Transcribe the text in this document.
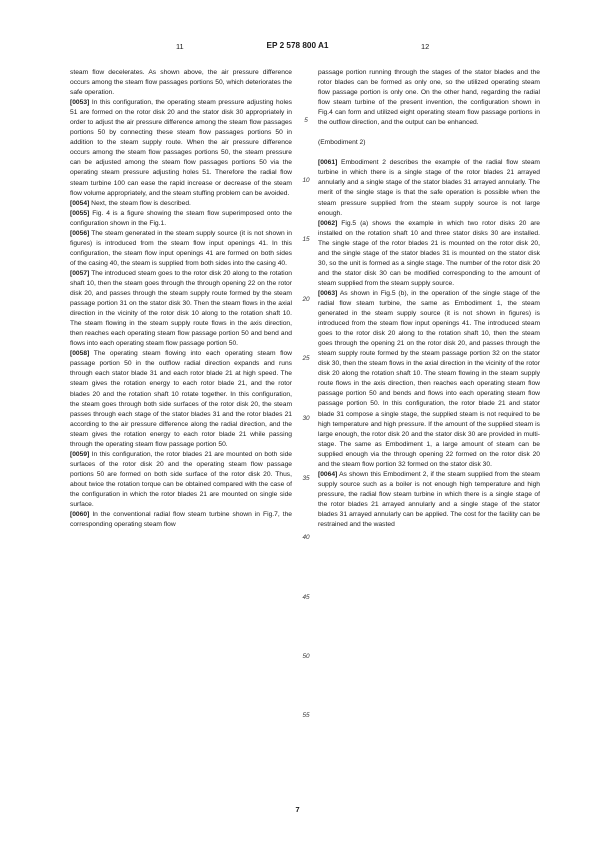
11	EP 2 578 800 A1	12

steam flow decelerates. As shown above, the air pressure difference occurs among the steam flow passages portions 50, which deteriorates the safe operation.

[0053] In this configuration, the operating steam pressure adjusting holes 51 are formed on the rotor disk 20 and the stator disk 30 appropriately in order to adjust the air pressure difference among the steam flow passages portions 50 by connecting these steam flow passages portions 50 in addition to the steam supply route. When the air pressure difference occurs among the steam flow passages portions 50, the steam pressure can be adjusted among the steam flow passages portions 50 via the operating steam pressure adjusting holes 51. Therefore the radial flow steam turbine 100 can ease the rapid increase or decrease of the steam flow volume appropriately, and the steam stuffing problem can be avoided.

[0054] Next, the steam flow is described.

[0055] Fig. 4 is a figure showing the steam flow superimposed onto the configuration shown in the Fig.1.

[0056] The steam generated in the steam supply source (it is not shown in figures) is introduced from the steam flow input openings 41. In this configuration, the steam flow input openings 41 are formed on both sides of the casing 40, the steam is supplied from both sides into the casing 40.

[0057] The introduced steam goes to the rotor disk 20 along to the rotation shaft 10, then the steam goes through the through opening 22 on the rotor disk 20, and passes through the steam supply route formed by the steam passage portion 31 on the stator disk 30. Then the steam flows in the axial direction in the vicinity of the rotor disk 10 along to the rotation shaft 10. The steam flowing in the steam supply route flows in the axis direction, then reaches each operating steam flow passage portion 50 and bend and flows into each operating steam flow passage portion 50.

[0058] The operating steam flowing into each operating steam flow passage portion 50 in the outflow radial direction expands and runs through each stator blade 31 and each rotor blade 21 at high speed. The steam gives the rotation energy to each rotor blade 21, and the rotor blades 20 and the rotation shaft 10 rotate together. In this configuration, the steam goes through both side surfaces of the rotor disk 20, the steam passes through each stage of the stator blades 31 and the rotor blades 21 according to the air pressure difference along the radial direction, and the steam gives the rotation energy to each rotor blade 21 while passing through the operating steam flow passage portion 50.

[0059] In this configuration, the rotor blades 21 are mounted on both side surfaces of the rotor disk 20 and the operating steam flow passage portions 50 are formed on both side surface of the rotor disk 20. Thus, about twice the rotation torque can be obtained compared with the case of the configuration in which the rotor blades 21 are mounted on single side surface.

[0060] In the conventional radial flow steam turbine shown in Fig.7, the corresponding operating steam flow

5
10
15
20
25
30
35
40
45
50
55

passage portion running through the stages of the stator blades and the rotor blades can be formed as only one, so the utilized operating steam flow passage portion is only one. On the other hand, regarding the radial flow steam turbine of the present invention, the configuration shown in Fig.4 can form and utilized eight operating steam flow passage portions in the outflow direction, and the output can be enhanced.

(Embodiment 2)

[0061] Embodiment 2 describes the example of the radial flow steam turbine in which there is a single stage of the rotor blades 21 arrayed annularly and a single stage of the stator blades 31 arrayed annularly. The merit of the single stage is that the safe operation is possible when the steam pressure supplied from the steam supply source is not large enough.

[0062] Fig.5 (a) shows the example in which two rotor disks 20 are installed on the rotation shaft 10 and three stator disks 30 are installed. The single stage of the rotor blades 21 is mounted on the rotor disk 20, and the single stage of the stator blades 31 is mounted on the stator disk 30, so the unit is formed as a single stage. The number of the rotor disk 20 and the stator disk 30 can be modified corresponding to the amount of steam supplied from the steam supply source.

[0063] As shown in Fig.5 (b), in the operation of the single stage of the radial flow steam turbine, the same as Embodiment 1, the steam generated in the steam supply source (it is not shown in figures) is introduced from the steam flow input openings 41. The introduced steam goes to the rotor disk 20 along to the rotation shaft 10, then the steam goes through the opening 21 on the rotor disk 20, and passes through the steam supply route formed by the steam passage portion 32 on the stator disk 30, then the steam flows in the axial direction in the vicinity of the rotor disk 20 along the rotation shaft 10. The steam flowing in the steam supply route flows in the axis direction, then reaches each operating steam flow passage portion 50 and bends and flows into each operating steam flow passage portion 50. In this configuration, the rotor blade 21 and stator blade 31 compose a single stage, the supplied steam is not required to be high temperature and high pressure. If the amount of the supplied steam is large enough, the rotor disk 20 and the stator disk 30 are provided in multi-stage. The same as Embodiment 1, a large amount of steam can be supplied enough via the through opening 22 formed on the rotor disk 20 and the steam flow portion 32 formed on the stator disk 30.

[0064] As shown this Embodiment 2, if the steam supplied from the steam supply source such as a boiler is not enough high temperature and high pressure, the radial flow steam turbine in which there is a single stage of the rotor blades 21 arrayed annularly and a single stage of the stator blades 31 arrayed annularly can be applied. The cost for the facility can be restrained and the wasted

7
